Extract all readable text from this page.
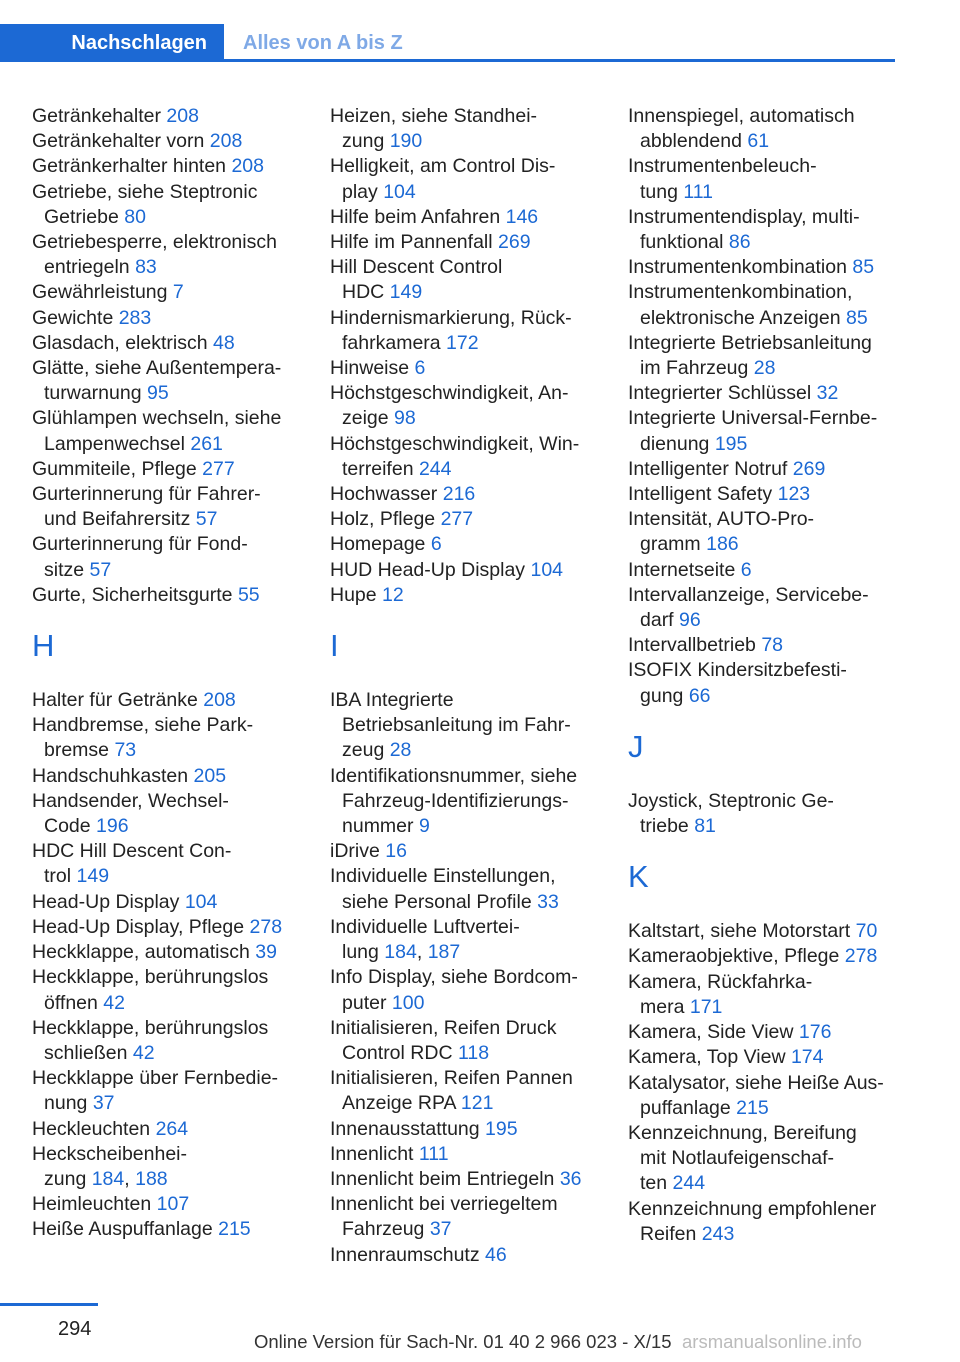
Nachschlagen	Alles von A bis Z
Getränkehalter 208
Getränkehalter vorn 208
Getränkerhalter hinten 208
Getriebe, siehe Steptronic
Getriebe 80
Getriebesperre, elektronisch
entriegeln 83
Gewährleistung 7
Gewichte 283
Glasdach, elektrisch 48
Glätte, siehe Außentempera‐
turwarnung 95
Glühlampen wechseln, siehe
Lampenwechsel 261
Gummiteile, Pflege 277
Gurterinnerung für Fahrer‐
und Beifahrersitz 57
Gurterinnerung für Fond‐
sitze 57
Gurte, Sicherheitsgurte 55
H
Halter für Getränke 208
Handbremse, siehe Park‐
bremse 73
Handschuhkasten 205
Handsender, Wechsel‐
Code 196
HDC Hill Descent Con‐
trol 149
Head-Up Display 104
Head-Up Display, Pflege 278
Heckklappe, automatisch 39
Heckklappe, berührungslos
öffnen 42
Heckklappe, berührungslos
schließen 42
Heckklappe über Fernbedie‐
nung 37
Heckleuchten 264
Heckscheibenhei‐
zung 184, 188
Heimleuchten 107
Heiße Auspuffanlage 215
Heizen, siehe Standhei‐
zung 190
Helligkeit, am Control Dis‐
play 104
Hilfe beim Anfahren 146
Hilfe im Pannenfall 269
Hill Descent Control
HDC 149
Hindernismarkierung, Rück‐
fahrkamera 172
Hinweise 6
Höchstgeschwindigkeit, An‐
zeige 98
Höchstgeschwindigkeit, Win‐
terreifen 244
Hochwasser 216
Holz, Pflege 277
Homepage 6
HUD Head-Up Display 104
Hupe 12
I
IBA Integrierte
Betriebsanleitung im Fahr‐
zeug 28
Identifikationsnummer, siehe
Fahrzeug-Identifizierungs‐
nummer 9
iDrive 16
Individuelle Einstellungen,
siehe Personal Profile 33
Individuelle Luftvertei‐
lung 184, 187
Info Display, siehe Bordcom‐
puter 100
Initialisieren, Reifen Druck
Control RDC 118
Initialisieren, Reifen Pannen
Anzeige RPA 121
Innenausstattung 195
Innenlicht 111
Innenlicht beim Entriegeln 36
Innenlicht bei verriegeltem
Fahrzeug 37
Innenraumschutz 46
Innenspiegel, automatisch
abblendend 61
Instrumentenbeleuch‐
tung 111
Instrumentendisplay, multi‐
funktional 86
Instrumentenkombination 85
Instrumentenkombination,
elektronische Anzeigen 85
Integrierte Betriebsanleitung
im Fahrzeug 28
Integrierter Schlüssel 32
Integrierte Universal-Fernbe‐
dienung 195
Intelligenter Notruf 269
Intelligent Safety 123
Intensität, AUTO-Pro‐
gramm 186
Internetseite 6
Intervallanzeige, Servicebe‐
darf 96
Intervallbetrieb 78
ISOFIX Kindersitzbefesti‐
gung 66
J
Joystick, Steptronic Ge‐
triebe 81
K
Kaltstart, siehe Motorstart 70
Kameraobjektive, Pflege 278
Kamera, Rückfahrka‐
mera 171
Kamera, Side View 176
Kamera, Top View 174
Katalysator, siehe Heiße Aus‐
puffanlage 215
Kennzeichnung, Bereifung
mit Notlaufeigenschaf‐
ten 244
Kennzeichnung empfohlener
Reifen 243
294
Online Version für Sach-Nr. 01 40 2 966 023 - X/15 arsmanualsonline.info
